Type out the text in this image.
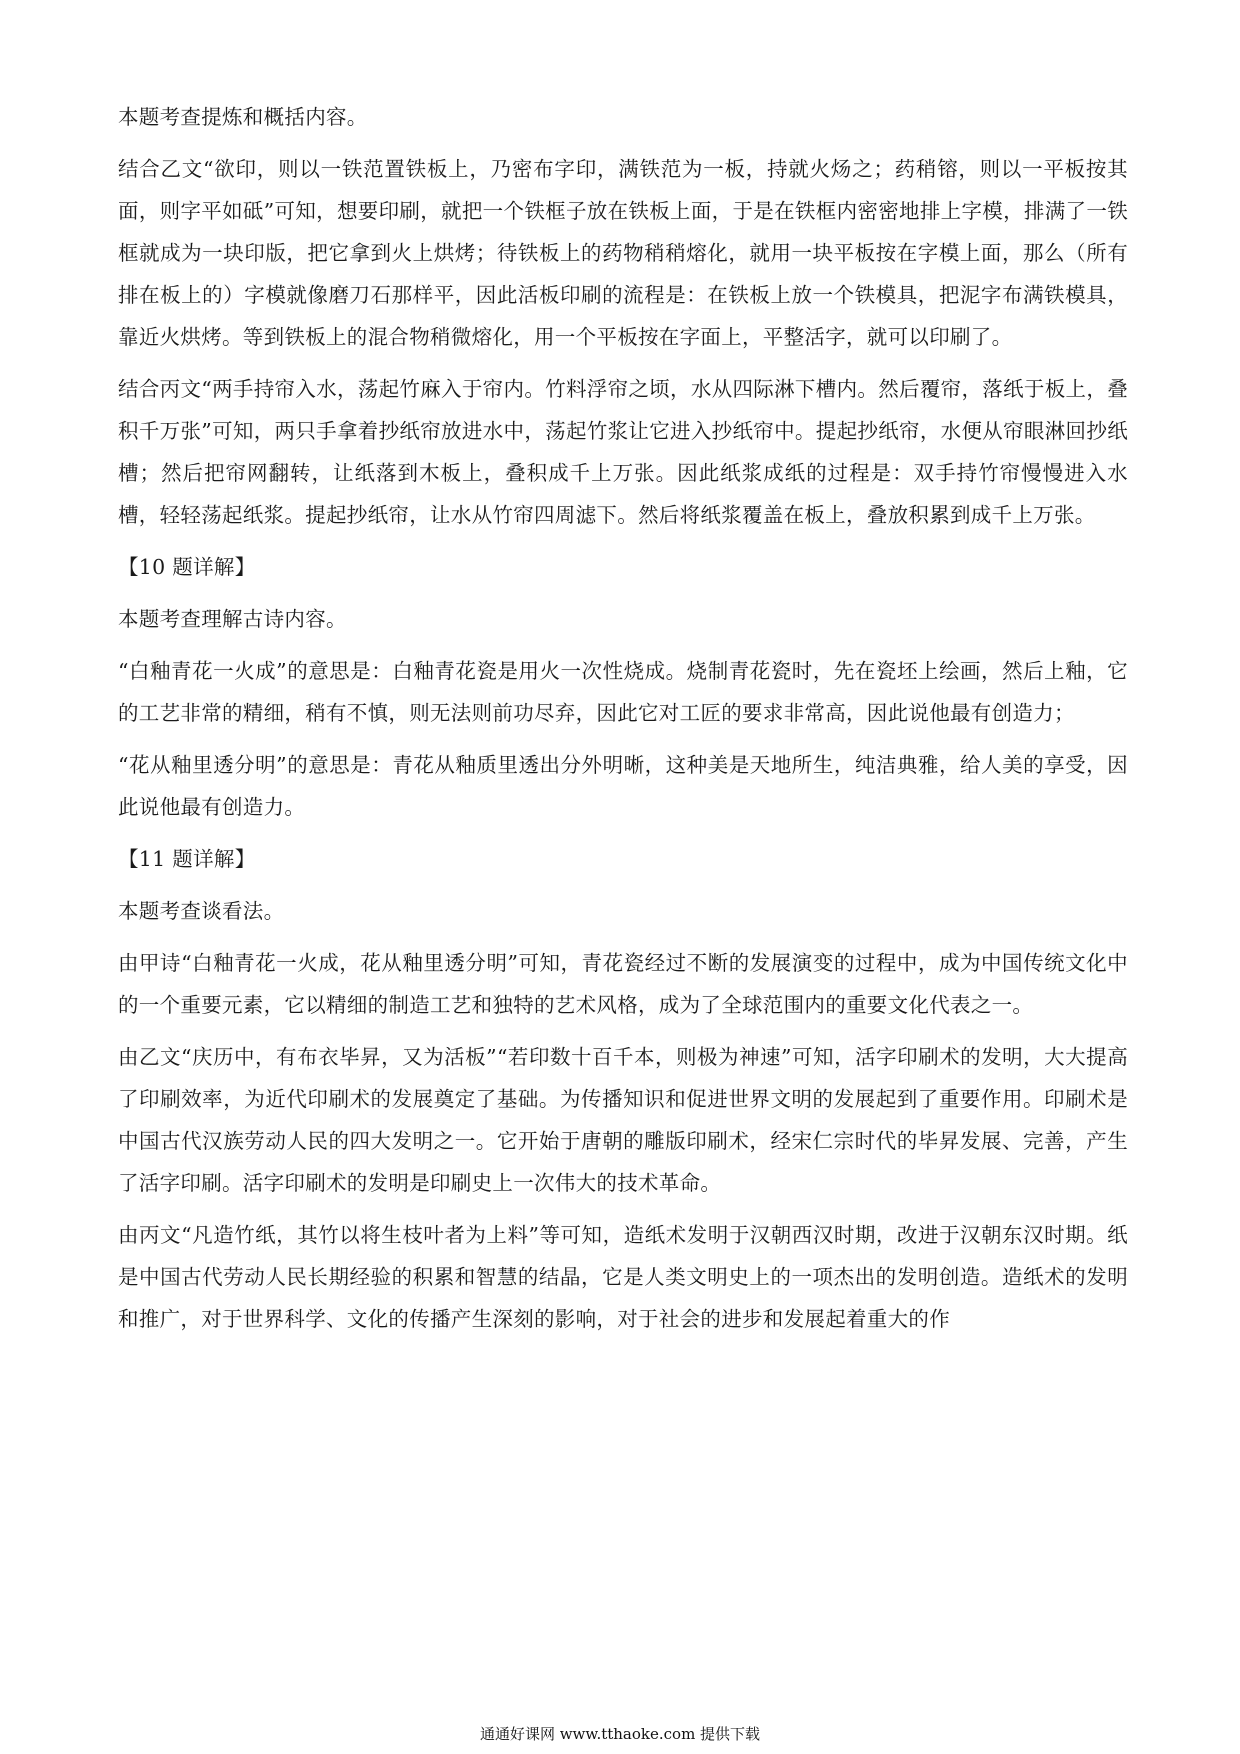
本题考查提炼和概括内容。

结合乙文“欲印，则以一铁范置铁板上，乃密布字印，满铁范为一板，持就火炀之；药稍镕，则以一平板按其面，则字平如砥”可知，想要印刷，就把一个铁框子放在铁板上面，于是在铁框内密密地排上字模，排满了一铁框就成为一块印版，把它拿到火上烘烤；待铁板上的药物稍稍熔化，就用一块平板按在字模上面，那么（所有排在板上的）字模就像磨刀石那样平，因此活板印刷的流程是：在铁板上放一个铁模具，把泥字布满铁模具，靠近火烘烤。等到铁板上的混合物稍微熔化，用一个平板按在字面上，平整活字，就可以印刷了。

结合丙文“两手持帘入水，荡起竹麻入于帘内。竹料浮帘之顷，水从四际淋下槽内。然后覆帘，落纸于板上，叠积千万张”可知，两只手拿着抄纸帘放进水中，荡起竹浆让它进入抄纸帘中。提起抄纸帘，水便从帘眼淋回抄纸槽；然后把帘网翻转，让纸落到木板上，叠积成千上万张。因此纸浆成纸的过程是：双手持竹帘慢慢进入水槽，轻轻荡起纸浆。提起抄纸帘，让水从竹帘四周滤下。然后将纸浆覆盖在板上，叠放积累到成千上万张。

【10 题详解】

本题考查理解古诗内容。

“白釉青花一火成”的意思是：白釉青花瓷是用火一次性烧成。烧制青花瓷时，先在瓷坯上绘画，然后上釉，它的工艺非常的精细，稍有不慎，则无法则前功尽弃，因此它对工匠的要求非常高，因此说他最有创造力；

“花从釉里透分明”的意思是：青花从釉质里透出分外明晰，这种美是天地所生，纯洁典雅，给人美的享受，因此说他最有创造力。

【11 题详解】

本题考查谈看法。

由甲诗“白釉青花一火成，花从釉里透分明”可知，青花瓷经过不断的发展演变的过程中，成为中国传统文化中的一个重要元素，它以精细的制造工艺和独特的艺术风格，成为了全球范围内的重要文化代表之一。

由乙文“庆历中，有布衣毕昇，又为活板”“若印数十百千本，则极为神速”可知，活字印刷术的发明，大大提高了印刷效率，为近代印刷术的发展奠定了基础。为传播知识和促进世界文明的发展起到了重要作用。印刷术是中国古代汉族劳动人民的四大发明之一。它开始于唐朝的雕版印刷术，经宋仁宗时代的毕昇发展、完善，产生了活字印刷。活字印刷术的发明是印刷史上一次伟大的技术革命。

由丙文“凡造竹纸，其竹以将生枝叶者为上料”等可知，造纸术发明于汉朝西汉时期，改进于汉朝东汉时期。纸是中国古代劳动人民长期经验的积累和智慧的结晶，它是人类文明史上的一项杰出的发明创造。造纸术的发明和推广，对于世界科学、文化的传播产生深刻的影响，对于社会的进步和发展起着重大的作

通通好课网 www.tthaoke.com 提供下载
